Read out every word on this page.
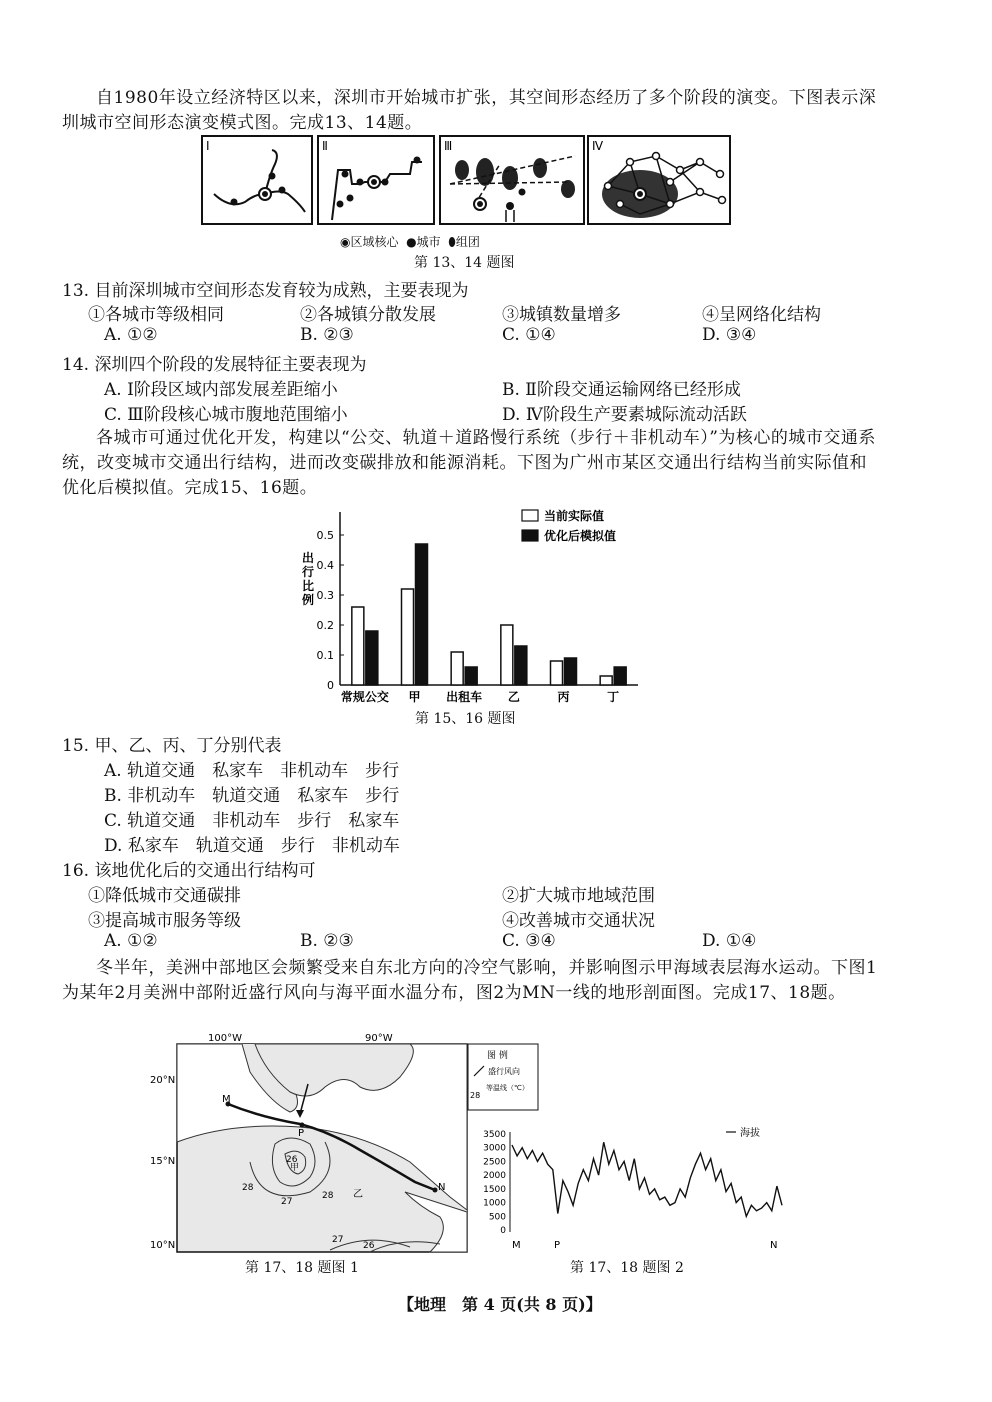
自1980年设立经济特区以来，深圳市开始城市扩张，其空间形态经历了多个阶段的演变。下图表示深圳城市空间形态演变模式图。完成13、14题。
Ⅰ	Ⅱ	Ⅲ	Ⅳ
◉区域核心 ●城市 ⬮组团
第 13、14 题图
13. 目前深圳城市空间形态发育较为成熟，主要表现为
①各城市等级相同	②各城镇分散发展	③城镇数量增多	④呈网络化结构
A. ①②	B. ②③	C. ①④	D. ③④
14. 深圳四个阶段的发展特征主要表现为
A. Ⅰ阶段区域内部发展差距缩小	B. Ⅱ阶段交通运输网络已经形成
C. Ⅲ阶段核心城市腹地范围缩小	D. Ⅳ阶段生产要素城际流动活跃
各城市可通过优化开发，构建以“公交、轨道＋道路慢行系统（步行＋非机动车）”为核心的城市交通系统，改变城市交通出行结构，进而改变碳排放和能源消耗。下图为广州市某区交通出行结构当前实际值和优化后模拟值。完成15、16题。
0
0.1
0.2
0.3
0.4
0.5
常规公交 甲 出租车 乙	丙	丁
当前实际值
优化后模拟值
出行比例
第 15、16 题图
15. 甲、乙、丙、丁分别代表
A. 轨道交通　私家车　非机动车　步行
B. 非机动车　轨道交通　私家车　步行
C. 轨道交通　非机动车　步行　私家车
D. 私家车　轨道交通　步行　非机动车
16. 该地优化后的交通出行结构可
①降低城市交通碳排	②扩大城市地域范围
③提高城市服务等级	④改善城市交通状况
A. ①②	B. ②③	C. ③④	D. ①④
冬半年，美洲中部地区会频繁受来自东北方向的冷空气影响，并影响图示甲海域表层海水运动。下图1为某年2月美洲中部附近盛行风向与海平面水温分布，图2为MN一线的地形剖面图。完成17、18题。
100°W	90°W
20°N
15°N
10°N
M
P
N
甲
乙
26
28
27
28
27
26
图 例
盛行风向
28
等温线（℃）
第 17、18 题图 1
3500
3000
2500
2000
1500
1000
500
0
海拔
M	P	N
第 17、18 题图 2
【地理　第 4 页(共 8 页)】
